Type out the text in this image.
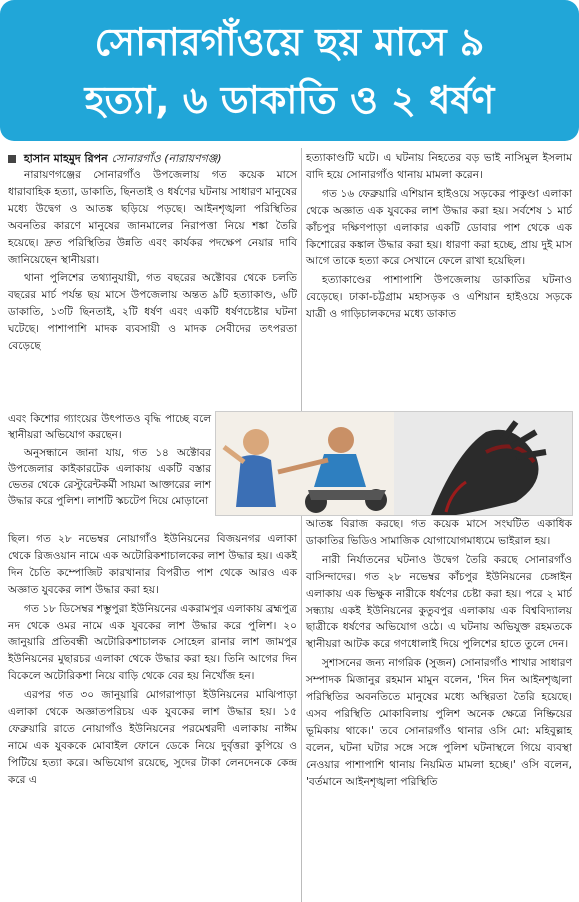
সোনারগাঁওয়ে ছয় মাসে ৯
হত্যা, ৬ ডাকাতি ও ২ ধর্ষণ
হাসান মাহমুদ রিপন সোনারগাঁও (নারায়ণগঞ্জ)

নারায়ণগঞ্জের সোনারগাঁও উপজেলায় গত কয়েক মাসে ধারাবাহিক হত্যা, ডাকাতি, ছিনতাই ও ধর্ষণের ঘটনায় সাধারণ মানুষের মধ্যে উদ্বেগ ও আতঙ্ক ছড়িয়ে পড়ছে। আইনশৃঙ্খলা পরিস্থিতির অবনতির কারণে মানুষের জানমালের নিরাপত্তা নিয়ে শঙ্কা তৈরি হয়েছে। দ্রুত পরিস্থিতির উন্নতি এবং কার্যকর পদক্ষেপ নেয়ার দাবি জানিয়েছেন স্থানীয়রা।

থানা পুলিশের তথ্যানুযায়ী, গত বছরের অক্টোবর থেকে চলতি বছরের মার্চ পর্যন্ত ছয় মাসে উপজেলায় অন্তত ৯টি হত্যাকাণ্ড, ৬টি ডাকাতি, ১৩টি ছিনতাই, ২টি ধর্ষণ এবং একটি ধর্ষণচেষ্টার ঘটনা ঘটেছে। পাশাপাশি মাদক ব্যবসায়ী ও মাদক সেবীদের তৎপরতা বেড়েছে

এবং কিশোর গ্যাংয়ের উৎপাতও বৃদ্ধি পাচ্ছে বলে স্থানীয়রা অভিযোগ করছেন।

অনুসন্ধানে জানা যায়, গত ১৪ অক্টোবর উপজেলার কাইকারটেক এলাকায় একটি বস্তার ভেতর থেকে রেস্টুরেন্টকর্মী সায়মা আক্তারের লাশ উদ্ধার করে পুলিশ। লাশটি স্কচটেপ দিয়ে মোড়ানো

ছিল। গত ২৮ নভেম্বর নোয়াগাঁও ইউনিয়নের বিজয়নগর এলাকা থেকে রিজওয়ান নামে এক অটোরিকশাচালকের লাশ উদ্ধার হয়। একই দিন চৈতি কম্পোজিট কারখানার বিপরীত পাশ থেকে আরও এক অজ্ঞাত যুবকের লাশ উদ্ধার করা হয়।

গত ১৮ ডিসেম্বর শম্ভুপুরা ইউনিয়নের একরামপুর এলাকায় ব্রহ্মপুত্র নদ থেকে ওমর নামে এক যুবকের লাশ উদ্ধার করে পুলিশ। ২০ জানুয়ারি প্রতিবন্ধী অটোরিকশাচালক সোহেল রানার লাশ জামপুর ইউনিয়নের মুছারচর এলাকা থেকে উদ্ধার করা হয়। তিনি আগের দিন বিকেলে অটোরিকশা নিয়ে বাড়ি থেকে বের হয় নিখোঁজ হন।

এরপর গত ৩০ জানুয়ারি মোগরাপাড়া ইউনিয়নের মাঝিপাড়া এলাকা থেকে অজ্ঞাতপরিচয় এক যুবকের লাশ উদ্ধার হয়। ১৫ ফেব্রুয়ারি রাতে নোয়াগাঁও ইউনিয়নের পরমেশ্বরদী এলাকায় নাঈম নামে এক যুবককে মোবাইল ফোনে ডেকে নিয়ে দুর্বৃত্তরা কুপিয়ে ও পিটিয়ে হত্যা করে। অভিযোগ রয়েছে, সুদের টাকা লেনদেনকে কেন্দ্র করে এ

হত্যাকাণ্ডটি ঘটে। এ ঘটনায় নিহতের বড় ভাই নাসিমুল ইসলাম বাদি হয়ে সোনারগাঁও থানায় মামলা করেন।

গত ১৬ ফেব্রুয়ারি এশিয়ান হাইওয়ে সড়কের পাকুণ্ডা এলাকা থেকে অজ্ঞাত এক যুবকের লাশ উদ্ধার করা হয়। সর্বশেষ ১ মার্চ কাঁচপুর দক্ষিণপাড়া এলাকার একটি ডোবার পাশ থেকে এক কিশোরের কঙ্কাল উদ্ধার করা হয়। ধারণা করা হচ্ছে, প্রায় দুই মাস আগে তাকে হত্যা করে সেখানে ফেলে রাখা হয়েছিল।

হত্যাকাণ্ডের পাশাপাশি উপজেলায় ডাকাতির ঘটনাও বেড়েছে। ঢাকা-চট্টগ্রাম মহাসড়ক ও এশিয়ান হাইওয়ে সড়কে যাত্রী ও গাড়িচালকদের মধ্যে ডাকাত

আতঙ্ক বিরাজ করছে। গত কয়েক মাসে সংঘটিত একাধিক ডাকাতির ভিডিও সামাজিক যোগাযোগমাধ্যমে ভাইরাল হয়।

নারী নির্যাতনের ঘটনাও উদ্বেগ তৈরি করছে সোনারগাঁও বাসিন্দাদের। গত ২৮ নভেম্বর কাঁচপুর ইউনিয়নের চেঙ্গাইন এলাকায় এক ভিক্ষুক নারীকে ধর্ষণের চেষ্টা করা হয়। পরে ২ মার্চ সন্ধ্যায় একই ইউনিয়নের কুতুবপুর এলাকায় এক বিশ্ববিদ্যালয় ছাত্রীকে ধর্ষণের অভিযোগ ওঠে। এ ঘটনায় অভিযুক্ত রহমতকে স্থানীয়রা আটক করে গণধোলাই দিয়ে পুলিশের হাতে তুলে দেন।

সুশাসনের জন্য নাগরিক (সুজন) সোনারগাঁও শাখার সাধারণ সম্পাদক মিজানুর রহমান মামুন বলেন, 'দিন দিন আইনশৃঙ্খলা পরিস্থিতির অবনতিতে মানুষের মধ্যে অস্থিরতা তৈরি হয়েছে। এসব পরিস্থিতি মোকাবিলায় পুলিশ অনেক ক্ষেত্রে নিষ্ক্রিয়ের ভূমিকায় থাকে।' তবে সোনারগাঁও থানার ওসি মো: মহিবুল্লাহ বলেন, ঘটনা ঘটার সঙ্গে সঙ্গে পুলিশ ঘটনাস্থলে গিয়ে ব্যবস্থা নেওয়ার পাশাপাশি থানায় নিয়মিত মামলা হচ্ছে।' ওসি বলেন, 'বর্তমানে আইনশৃঙ্খলা পরিস্থিতি
